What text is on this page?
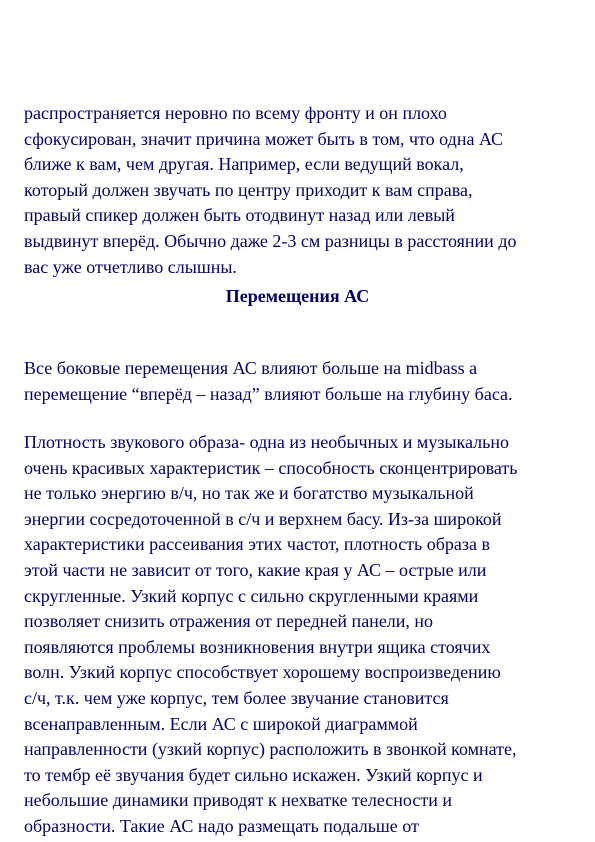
распространяется неровно по всему фронту и он плохо
сфокусирован, значит причина может быть в том, что одна АС
ближе к вам, чем другая. Например, если ведущий вокал,
который должен звучать по центру приходит к вам справа,
правый спикер должен быть отодвинут назад или левый
выдвинут вперёд. Обычно даже 2-3 см разницы в расстоянии до
вас уже отчетливо слышны.
Перемещения АС
Все боковые перемещения АС влияют больше на midbass а
перемещение “вперёд – назад” влияют больше на глубину баса.
Плотность звукового образа- одна из необычных и музыкально
очень красивых характеристик – способность сконцентрировать
не только энергию в/ч, но так же и богатство музыкальной
энергии сосредоточенной в с/ч и верхнем басу. Из-за широкой
характеристики рассеивания этих частот, плотность образа в
этой части не зависит от того, какие края у АС – острые или
скругленные. Узкий корпус с сильно скругленными краями
позволяет снизить отражения от передней панели, но
появляются проблемы возникновения внутри ящика стоячих
волн. Узкий корпус способствует хорошему воспроизведению
с/ч, т.к. чем уже корпус, тем более звучание становится
всенаправленным. Если АС с широкой диаграммой
направленности (узкий корпус) расположить в звонкой комнате,
то тембр её звучания будет сильно искажен. Узкий корпус и
небольшие динамики приводят к нехватке телесности и
образности. Такие АС надо размещать подальше от
